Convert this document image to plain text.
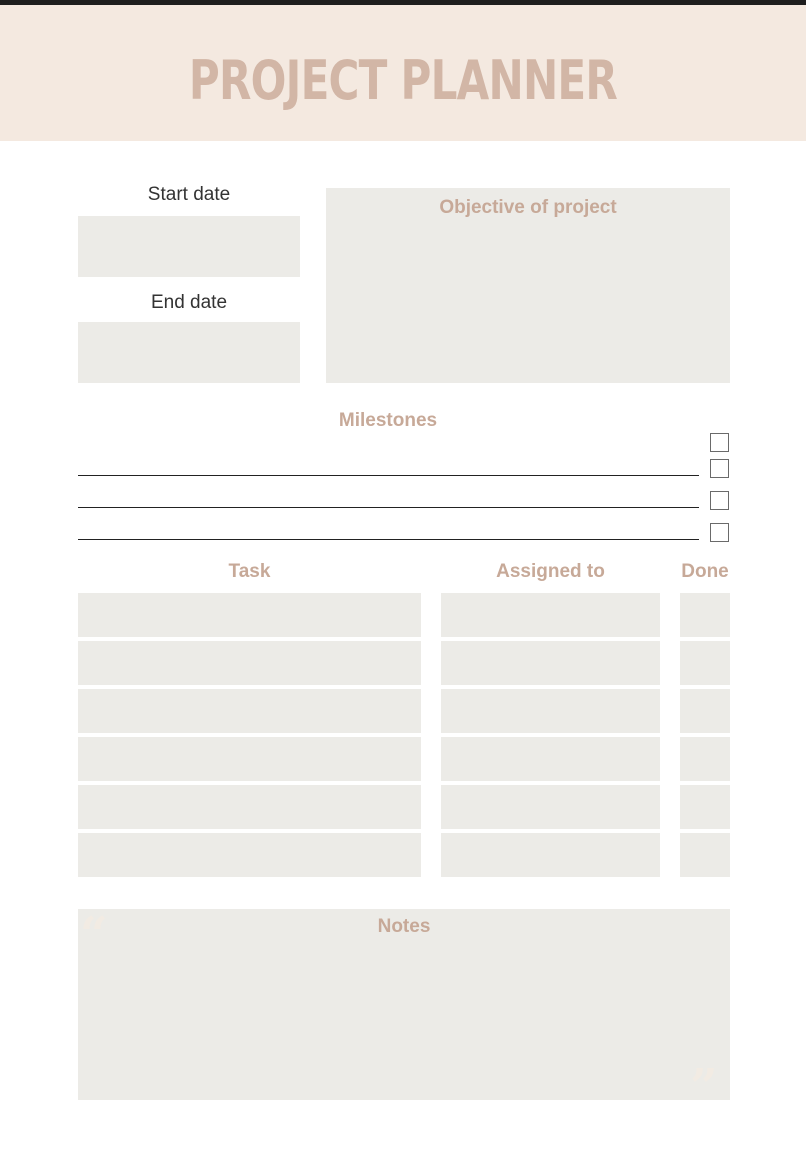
PROJECT PLANNER
Start date
End date
Objective of project
Milestones
Task	Assigned to	Done
“	Notes
”
